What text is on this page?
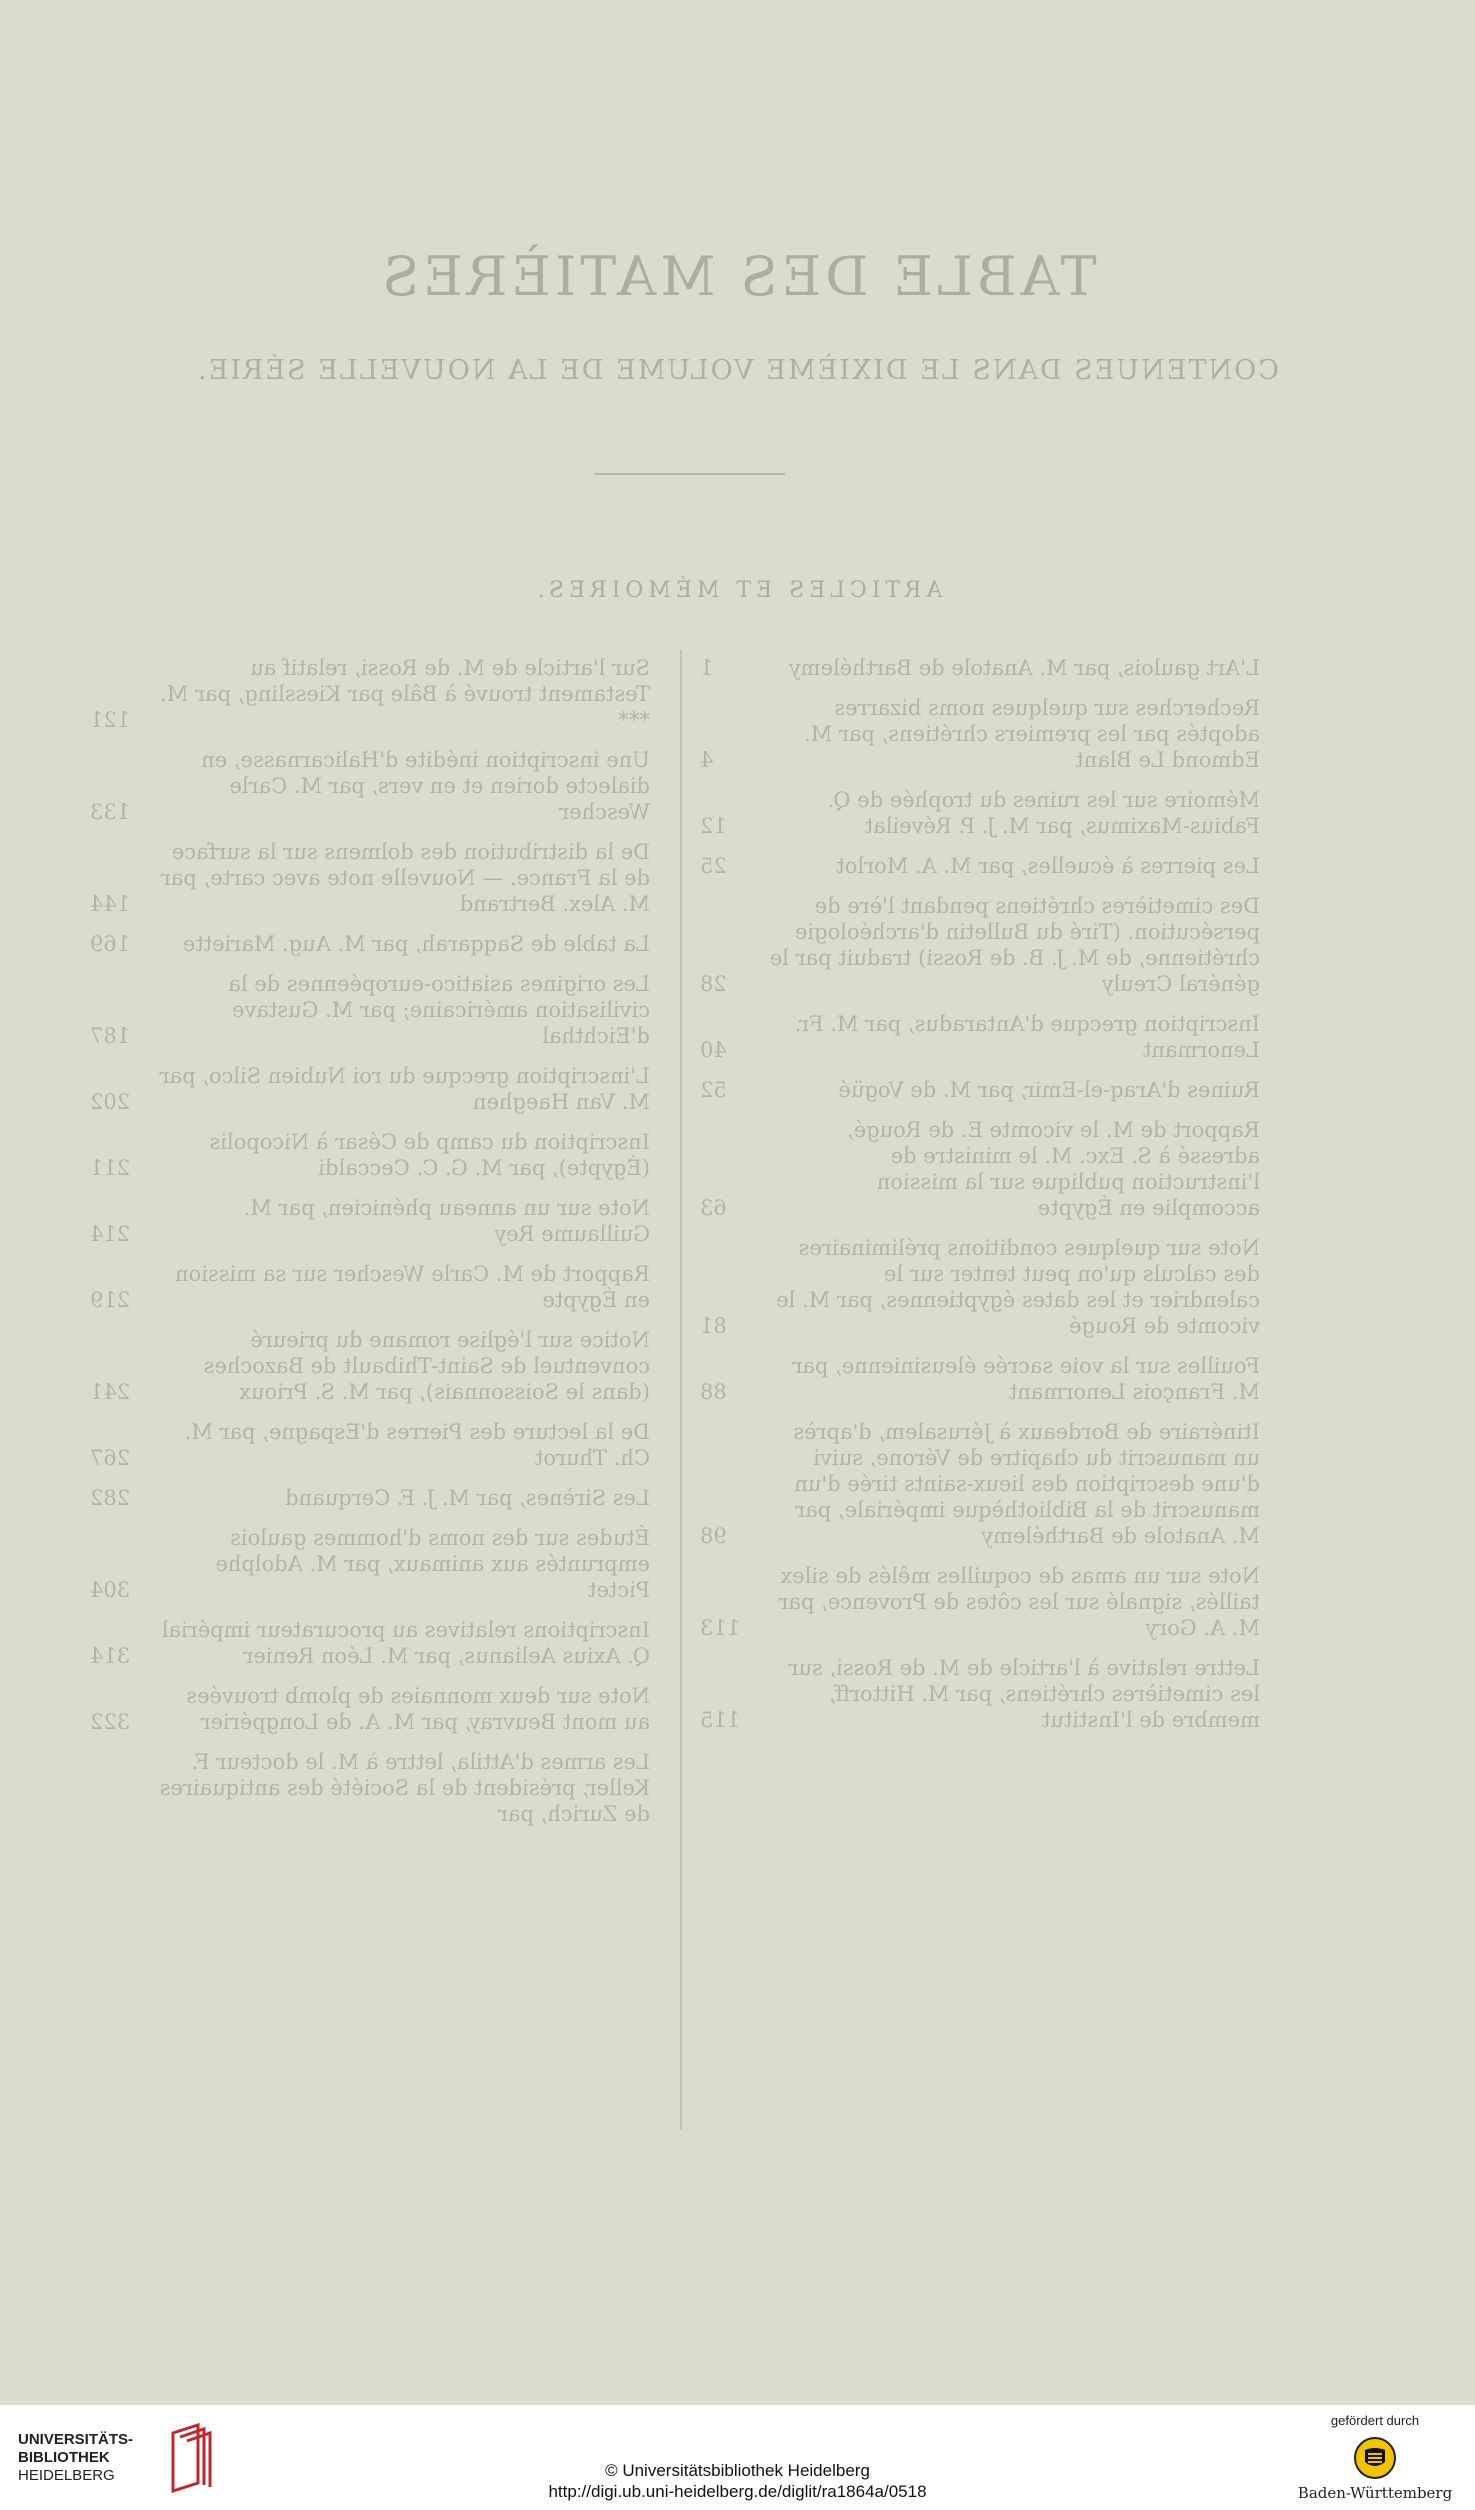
TABLE DES MATIÈRES
CONTENUES DANS LE DIXIÈME VOLUME DE LA NOUVELLE SÉRIE.
ARTICLES ET MÉMOIRES.
L'Art gaulois, par M. Anatole de Barthélemy
1
Recherches sur quelques noms bizarres adoptés par les premiers chrétiens, par M. Edmond Le Blant
4
Mémoire sur les ruines du trophée de Q. Fabius-Maximus, par M. J. P. Réveilat
12
Les pierres à écuelles, par M. A. Morlot
25
Des cimetières chrétiens pendant l'ère de persécution. (Tiré du Bulletin d'archéologie chrétienne, de M. J. B. de Rossi) traduit par le général Creuly
28
Inscription grecque d'Antaradus, par M. Fr. Lenormant
40
Ruines d'Araq-el-Emir, par M. de Vogüé
52
Rapport de M. le vicomte E. de Rougé, adressé à S. Exc. M. le ministre de l'instruction publique sur la mission accomplie en Égypte
63
Note sur quelques conditions préliminaires des calculs qu'on peut tenter sur le calendrier et les dates égyptiennes, par M. le vicomte de Rougé
81
Fouilles sur la voie sacrée éleusinienne, par M. François Lenormant
88
Itinéraire de Bordeaux à Jérusalem, d'après un manuscrit du chapitre de Vérone, suivi d'une description des lieux-saints tirée d'un manuscrit de la Bibliothèque impériale, par M. Anatole de Barthélemy
98
Note sur un amas de coquilles mêlés de silex taillés, signalé sur les côtes de Provence, par M. A. Gory
113
Lettre relative à l'article de M. de Rossi, sur les cimetières chrétiens, par M. Hittorff, membre de l'Institut
115
Sur l'article de M. de Rossi, relatif au Testament trouvé à Bâle par Kiessling, par M. ***
121
Une inscription inédite d'Halicarnasse, en dialecte dorien et en vers, par M. Carle Wescher
133
De la distribution des dolmens sur la surface de la France. — Nouvelle note avec carte, par M. Alex. Bertrand
144
La table de Saqqarah, par M. Aug. Mariette
169
Les origines asiatico-européennes de la civilisation américaine; par M. Gustave d'Eichthal
187
L'inscription grecque du roi Nubien Silco, par M. Van Haeghen
202
Inscription du camp de César à Nicopolis (Égypte), par M. G. C. Ceccaldi
211
Note sur un anneau phénicien, par M. Guillaume Rey
214
Rapport de M. Carle Wescher sur sa mission en Égypte
219
Notice sur l'église romane du prieuré conventuel de Saint-Thibault de Bazoches (dans le Soissonnais), par M. S. Prioux
241
De la lecture des Pierres d'Espagne, par M. Ch. Thurot
267
Les Sirènes, par M. J. F. Cerquand
282
Études sur des noms d'hommes gaulois empruntés aux animaux, par M. Adolphe Pictet
304
Inscriptions relatives au procurateur impérial Q. Axius Aelianus, par M. Léon Renier
314
Note sur deux monnaies de plomb trouvées au mont Beuvray, par M. A. de Longpérier
322
Les armes d'Attila, lettre à M. le docteur F. Keller, président de la Société des antiquaires de Zurich, par
UNIVERSITÄTS-
BIBLIOTHEK
HEIDELBERG	© Universitätsbibliothek Heidelberg
http://digi.ub.uni-heidelberg.de/diglit/ra1864a/0518
gefördert durch
Baden-Württemberg
